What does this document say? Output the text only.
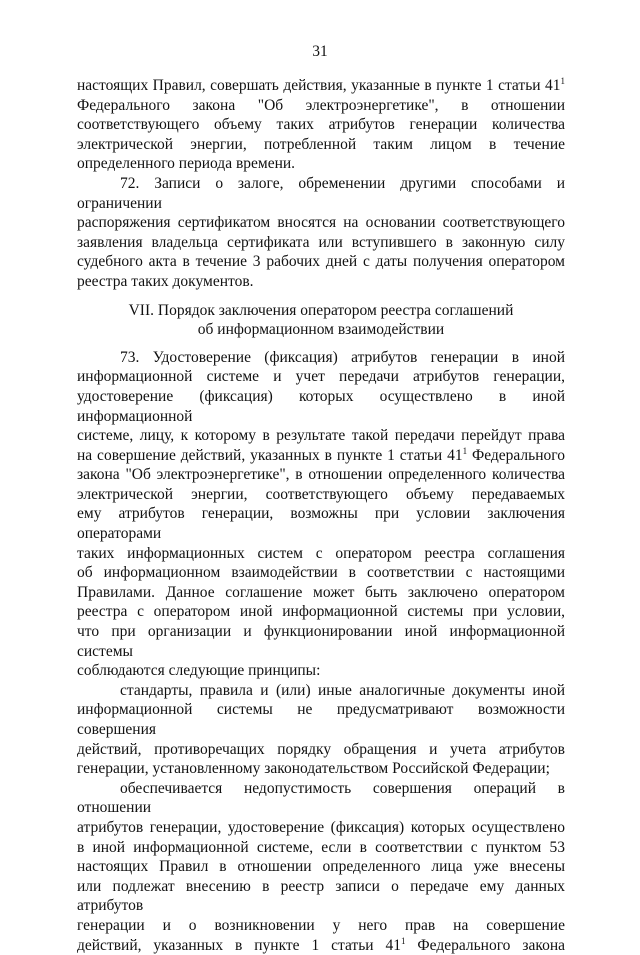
31
настоящих Правил, совершать действия, указанные в пункте 1 статьи $41^1$
Федерального закона "Об электроэнергетике", в отношении
соответствующего объему таких атрибутов генерации количества
электрической энергии, потребленной таким лицом в течение
определенного периода времени.
72. Записи о залоге, обременении другими способами и ограничении
распоряжения сертификатом вносятся на основании соответствующего
заявления владельца сертификата или вступившего в законную силу
судебного акта в течение 3 рабочих дней с даты получения оператором
реестра таких документов.
VII. Порядок заключения оператором реестра соглашений
об информационном взаимодействии
73. Удостоверение (фиксация) атрибутов генерации в иной
информационной системе и учет передачи атрибутов генерации,
удостоверение (фиксация) которых осуществлено в иной информационной
системе, лицу, к которому в результате такой передачи перейдут права
на совершение действий, указанных в пункте 1 статьи $41^1$ Федерального
закона "Об электроэнергетике", в отношении определенного количества
электрической энергии, соответствующего объему передаваемых
ему атрибутов генерации, возможны при условии заключения операторами
таких информационных систем с оператором реестра соглашения
об информационном взаимодействии в соответствии с настоящими
Правилами. Данное соглашение может быть заключено оператором
реестра с оператором иной информационной системы при условии,
что при организации и функционировании иной информационной системы
соблюдаются следующие принципы:
стандарты, правила и (или) иные аналогичные документы иной
информационной системы не предусматривают возможности совершения
действий, противоречащих порядку обращения и учета атрибутов
генерации, установленному законодательством Российской Федерации;
обеспечивается недопустимость совершения операций в отношении
атрибутов генерации, удостоверение (фиксация) которых осуществлено
в иной информационной системе, если в соответствии с пунктом 53
настоящих Правил в отношении определенного лица уже внесены
или подлежат внесению в реестр записи о передаче ему данных атрибутов
генерации и о возникновении у него прав на совершение
действий, указанных в пункте 1 статьи $41^1$ Федерального закона
